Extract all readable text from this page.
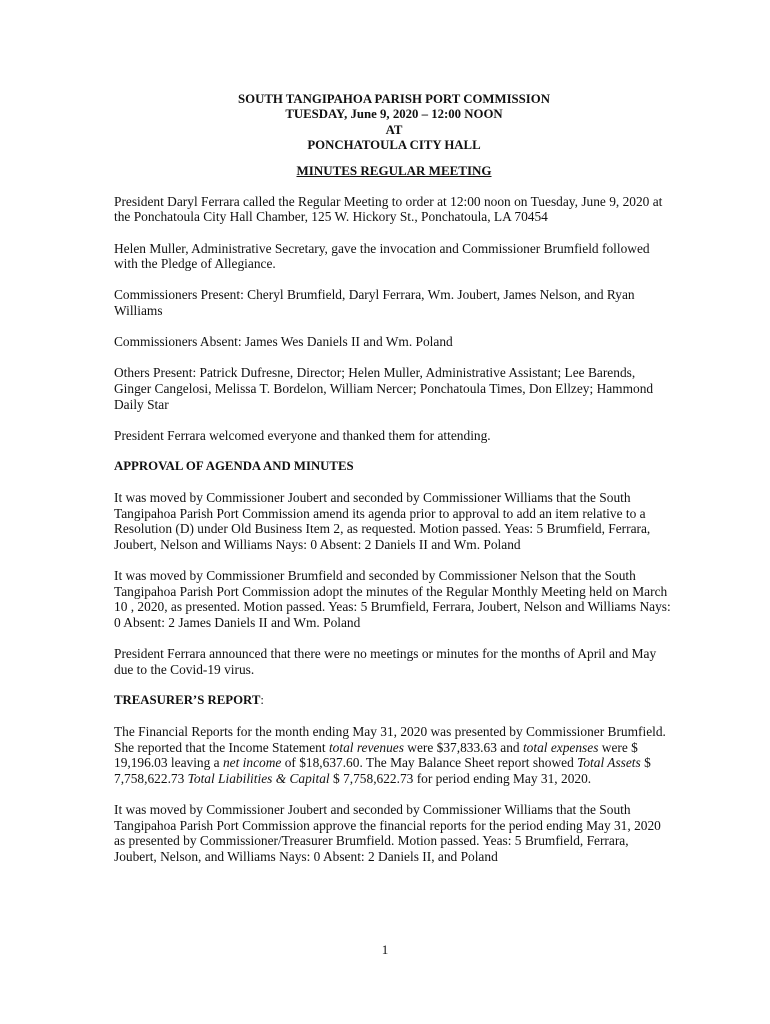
SOUTH TANGIPAHOA PARISH PORT COMMISSION
TUESDAY, June 9, 2020 – 12:00 NOON
AT
PONCHATOULA CITY HALL
MINUTES REGULAR MEETING

President Daryl Ferrara called the Regular Meeting to order at 12:00 noon on Tuesday, June 9, 2020 at the Ponchatoula City Hall Chamber, 125 W. Hickory St., Ponchatoula, LA 70454

Helen Muller, Administrative Secretary, gave the invocation and Commissioner Brumfield followed with the Pledge of Allegiance.

Commissioners Present: Cheryl Brumfield, Daryl Ferrara, Wm. Joubert, James Nelson, and Ryan Williams

Commissioners Absent: James Wes Daniels II and Wm. Poland

Others Present: Patrick Dufresne, Director; Helen Muller, Administrative Assistant; Lee Barends, Ginger Cangelosi, Melissa T. Bordelon, William Nercer; Ponchatoula Times, Don Ellzey; Hammond Daily Star

President Ferrara welcomed everyone and thanked them for attending.

APPROVAL OF AGENDA AND MINUTES

It was moved by Commissioner Joubert and seconded by Commissioner Williams that the South Tangipahoa Parish Port Commission amend its agenda prior to approval to add an item relative to a Resolution (D) under Old Business Item 2, as requested. Motion passed. Yeas: 5 Brumfield, Ferrara, Joubert, Nelson and Williams Nays: 0 Absent: 2 Daniels II and Wm. Poland

It was moved by Commissioner Brumfield and seconded by Commissioner Nelson that the South Tangipahoa Parish Port Commission adopt the minutes of the Regular Monthly Meeting held on March 10 , 2020, as presented. Motion passed. Yeas: 5 Brumfield, Ferrara, Joubert, Nelson and Williams Nays: 0 Absent: 2 James Daniels II and Wm. Poland

President Ferrara announced that there were no meetings or minutes for the months of April and May due to the Covid-19 virus.

TREASURER’S REPORT:

The Financial Reports for the month ending May 31, 2020 was presented by Commissioner Brumfield. She reported that the Income Statement total revenues were $37,833.63 and total expenses were $ 19,196.03 leaving a net income of $18,637.60. The May Balance Sheet report showed Total Assets $ 7,758,622.73 Total Liabilities & Capital $ 7,758,622.73 for period ending May 31, 2020.

It was moved by Commissioner Joubert and seconded by Commissioner Williams that the South Tangipahoa Parish Port Commission approve the financial reports for the period ending May 31, 2020 as presented by Commissioner/Treasurer Brumfield. Motion passed. Yeas: 5 Brumfield, Ferrara, Joubert, Nelson, and Williams Nays: 0 Absent: 2 Daniels II, and Poland

1
